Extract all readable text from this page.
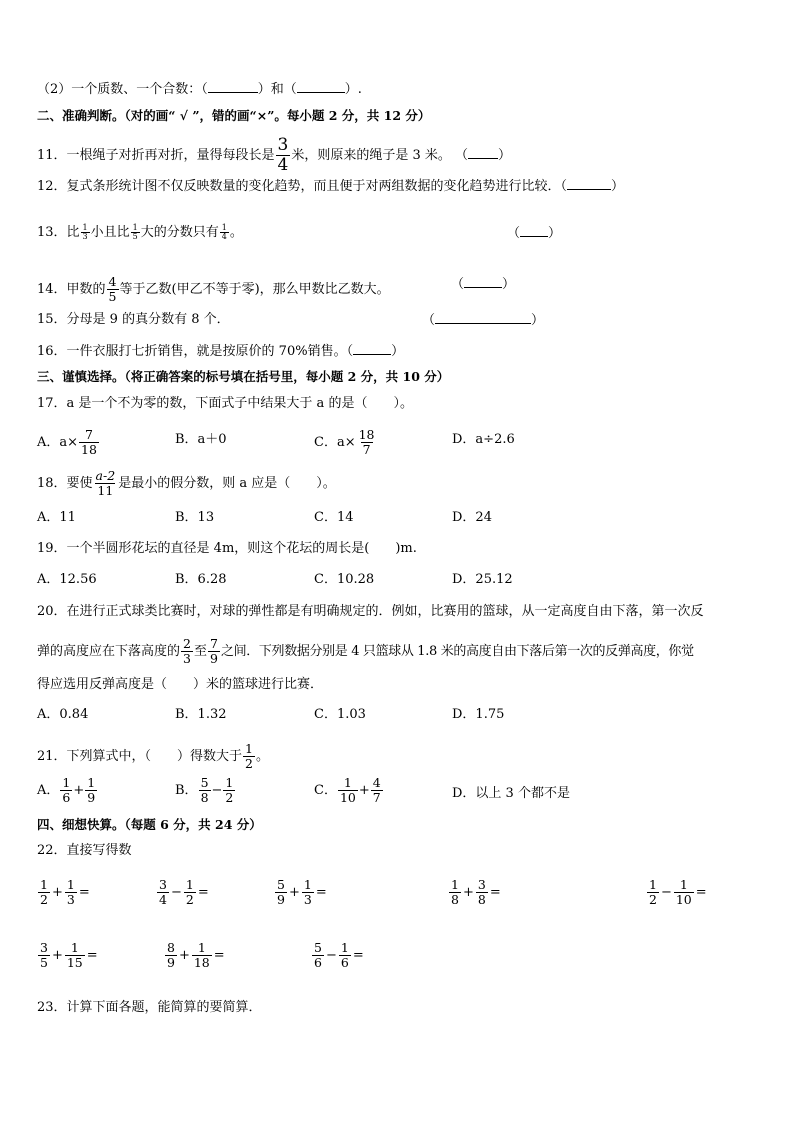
（2）一个质数、一个合数：（	）和（	）.
二、准确判断。（对的画“ √ ”，错的画“×”。每小题 2 分，共 12 分）
11．一根绳子对折再对折，量得每段长是 $\frac{3}{4}$ 米，则原来的绳子是 3 米。 （ ）
12．复式条形统计图不仅反映数量的变化趋势，而且便于对两组数据的变化趋势进行比较．（	）
13．比 $\frac{1}{3}$ 小且比 $\frac{1}{5}$ 大的分数只有 $\frac{1}{4}$ 。	（ ）
14．甲数的 $\frac{4}{5}$ 等于乙数(甲乙不等于零)，那么甲数比乙数大。	（	）
15．分母是 9 的真分数有 8 个．	（	）
16．一件衣服打七折销售，就是按原价的 70%销售。（	）
三、谨慎选择。（将正确答案的标号填在括号里，每小题 2 分，共 10 分）
17．a 是一个不为零的数，下面式子中结果大于 a 的是（　　）。
A．$a\times \frac{7}{18}$	B．a＋0	C．$a\times \frac{18}{7}$	D．a÷2.6
18．要使 $\frac{a-2}{11}$ 是最小的假分数，则 a 应是（　　）。
A．11	B．13	C．14	D．24
19．一个半圆形花坛的直径是 4m，则这个花坛的周长是(　　)m.
A．12.56	B．6.28	C．10.28	D．25.12
20．在进行正式球类比赛时，对球的弹性都是有明确规定的．例如，比赛用的篮球，从一定高度自由下落，第一次反
弹的高度应在下落高度的 $\frac{2}{3}$ 至 $\frac{7}{9}$ 之间．下列数据分别是 4 只篮球从 1.8 米的高度自由下落后第一次的反弹高度，你觉
得应选用反弹高度是（　　）米的篮球进行比赛．
A．0.84	B．1.32	C．1.03	D．1.75
21．下列算式中，（　　）得数大于 $\frac{1}{2}$ 。
A． $\frac{1}{6} + \frac{1}{9}$	B． $\frac{5}{8} - \frac{1}{2}$	C． $\frac{1}{10} + \frac{4}{7}$	D．以上 3 个都不是
四、细想快算。（每题 6 分，共 24 分）
22．直接写得数
$\frac{1}{2} + \frac{1}{3}$ =	$\frac{3}{4} - \frac{1}{2}$ =	$\frac{5}{9} + \frac{1}{3}$ =	$\frac{1}{8} + \frac{3}{8}$ =	$\frac{1}{2} - \frac{1}{10}$ =
$\frac{3}{5} + \frac{1}{15}$ =	$\frac{8}{9} + \frac{1}{18}$ =	$\frac{5}{6} - \frac{1}{6}$ =
23．计算下面各题，能简算的要简算．
